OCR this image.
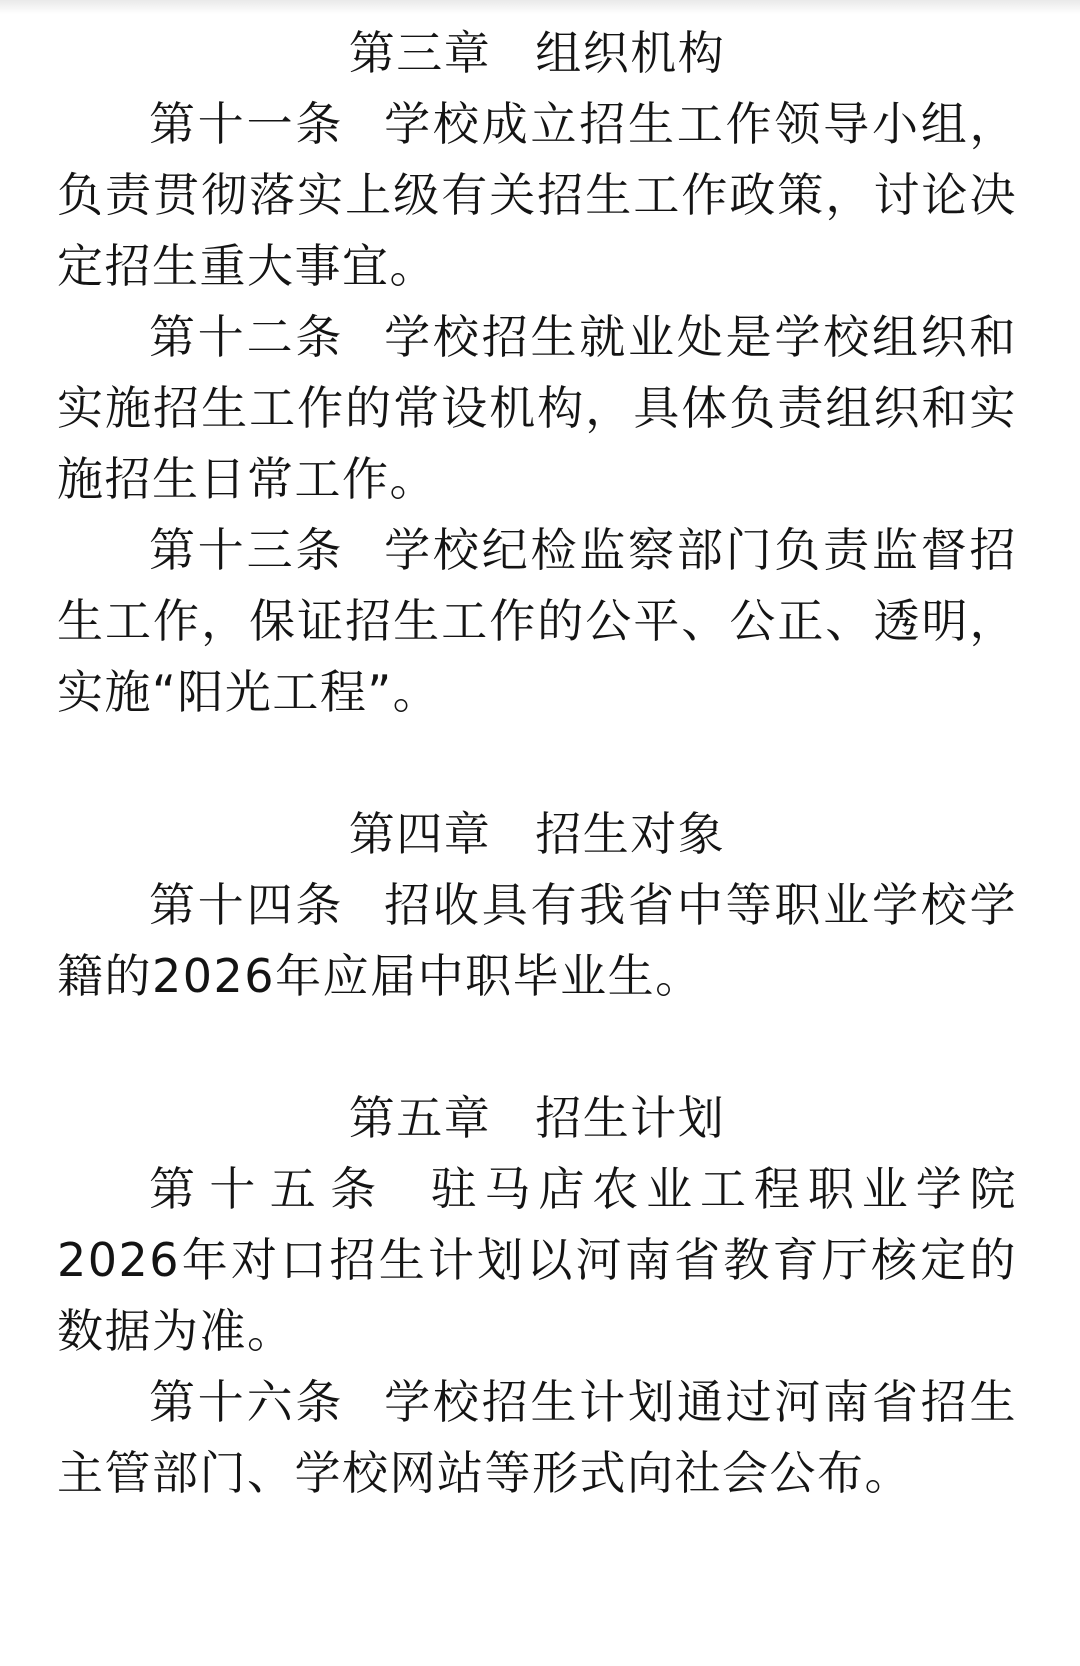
第三章 组织机构

第十一条 学校成立招生工作领导小组，负责贯彻落实上级有关招生工作政策，讨论决定招生重大事宜。

第十二条 学校招生就业处是学校组织和实施招生工作的常设机构，具体负责组织和实施招生日常工作。

第十三条 学校纪检监察部门负责监督招生工作，保证招生工作的公平、公正、透明，实施“阳光工程”。

第四章 招生对象

第十四条 招收具有我省中等职业学校学籍的2026年应届中职毕业生。

第五章 招生计划

第十五条 驻马店农业工程职业学院2026年对口招生计划以河南省教育厅核定的数据为准。

第十六条 学校招生计划通过河南省招生主管部门、学校网站等形式向社会公布。
